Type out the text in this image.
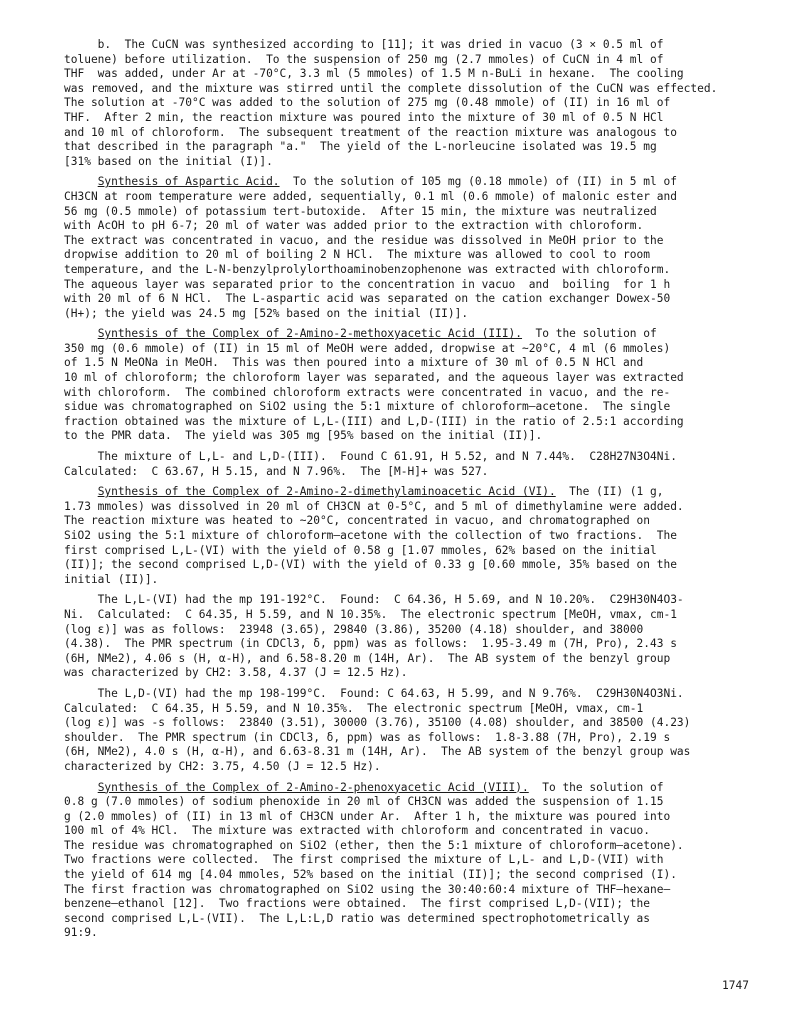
b.  The CuCN was synthesized according to [11]; it was dried in vacuo (3 × 0.5 ml of
toluene) before utilization.  To the suspension of 250 mg (2.7 mmoles) of CuCN in 4 ml of
THF  was added, under Ar at -70°C, 3.3 ml (5 mmoles) of 1.5 M n-BuLi in hexane.  The cooling
was removed, and the mixture was stirred until the complete dissolution of the CuCN was effected.
The solution at -70°C was added to the solution of 275 mg (0.48 mmole) of (II) in 16 ml of
THF.  After 2 min, the reaction mixture was poured into the mixture of 30 ml of 0.5 N HCl
and 10 ml of chloroform.  The subsequent treatment of the reaction mixture was analogous to
that described in the paragraph "a."  The yield of the L-norleucine isolated was 19.5 mg
[31% based on the initial (I)].
Synthesis of Aspartic Acid.  To the solution of 105 mg (0.18 mmole) of (II) in 5 ml of
CH3CN at room temperature were added, sequentially, 0.1 ml (0.6 mmole) of malonic ester and
56 mg (0.5 mmole) of potassium tert-butoxide.  After 15 min, the mixture was neutralized
with AcOH to pH 6-7; 20 ml of water was added prior to the extraction with chloroform.
The extract was concentrated in vacuo, and the residue was dissolved in MeOH prior to the
dropwise addition to 20 ml of boiling 2 N HCl.  The mixture was allowed to cool to room
temperature, and the L-N-benzylprolylorthoaminobenzophenone was extracted with chloroform.
The aqueous layer was separated prior to the concentration in vacuo  and  boiling  for 1 h
with 20 ml of 6 N HCl.  The L-aspartic acid was separated on the cation exchanger Dowex-50
(H+); the yield was 24.5 mg [52% based on the initial (II)].
Synthesis of the Complex of 2-Amino-2-methoxyacetic Acid (III).  To the solution of
350 mg (0.6 mmole) of (II) in 15 ml of MeOH were added, dropwise at ~20°C, 4 ml (6 mmoles)
of 1.5 N MeONa in MeOH.  This was then poured into a mixture of 30 ml of 0.5 N HCl and
10 ml of chloroform; the chloroform layer was separated, and the aqueous layer was extracted
with chloroform.  The combined chloroform extracts were concentrated in vacuo, and the re-
sidue was chromatographed on SiO2 using the 5:1 mixture of chloroform—acetone.  The single
fraction obtained was the mixture of L,L-(III) and L,D-(III) in the ratio of 2.5:1 according
to the PMR data.  The yield was 305 mg [95% based on the initial (II)].
The mixture of L,L- and L,D-(III).  Found C 61.91, H 5.52, and N 7.44%.  C28H27N3O4Ni.
Calculated:  C 63.67, H 5.15, and N 7.96%.  The [M-H]+ was 527.
Synthesis of the Complex of 2-Amino-2-dimethylaminoacetic Acid (VI).  The (II) (1 g,
1.73 mmoles) was dissolved in 20 ml of CH3CN at 0-5°C, and 5 ml of dimethylamine were added.
The reaction mixture was heated to ~20°C, concentrated in vacuo, and chromatographed on
SiO2 using the 5:1 mixture of chloroform—acetone with the collection of two fractions.  The
first comprised L,L-(VI) with the yield of 0.58 g [1.07 mmoles, 62% based on the initial
(II)]; the second comprised L,D-(VI) with the yield of 0.33 g [0.60 mmole, 35% based on the
initial (II)].
The L,L-(VI) had the mp 191-192°C.  Found:  C 64.36, H 5.69, and N 10.20%.  C29H30N4O3-
Ni.  Calculated:  C 64.35, H 5.59, and N 10.35%.  The electronic spectrum [MeOH, vmax, cm-1
(log ε)] was as follows:  23948 (3.65), 29840 (3.86), 35200 (4.18) shoulder, and 38000
(4.38).  The PMR spectrum (in CDCl3, δ, ppm) was as follows:  1.95-3.49 m (7H, Pro), 2.43 s
(6H, NMe2), 4.06 s (H, α-H), and 6.58-8.20 m (14H, Ar).  The AB system of the benzyl group
was characterized by CH2: 3.58, 4.37 (J = 12.5 Hz).
The L,D-(VI) had the mp 198-199°C.  Found: C 64.63, H 5.99, and N 9.76%.  C29H30N4O3Ni.
Calculated:  C 64.35, H 5.59, and N 10.35%.  The electronic spectrum [MeOH, vmax, cm-1
(log ε)] was -s follows:  23840 (3.51), 30000 (3.76), 35100 (4.08) shoulder, and 38500 (4.23)
shoulder.  The PMR spectrum (in CDCl3, δ, ppm) was as follows:  1.8-3.88 (7H, Pro), 2.19 s
(6H, NMe2), 4.0 s (H, α-H), and 6.63-8.31 m (14H, Ar).  The AB system of the benzyl group was
characterized by CH2: 3.75, 4.50 (J = 12.5 Hz).
Synthesis of the Complex of 2-Amino-2-phenoxyacetic Acid (VIII).  To the solution of
0.8 g (7.0 mmoles) of sodium phenoxide in 20 ml of CH3CN was added the suspension of 1.15
g (2.0 mmoles) of (II) in 13 ml of CH3CN under Ar.  After 1 h, the mixture was poured into
100 ml of 4% HCl.  The mixture was extracted with chloroform and concentrated in vacuo.
The residue was chromatographed on SiO2 (ether, then the 5:1 mixture of chloroform—acetone).
Two fractions were collected.  The first comprised the mixture of L,L- and L,D-(VII) with
the yield of 614 mg [4.04 mmoles, 52% based on the initial (II)]; the second comprised (I).
The first fraction was chromatographed on SiO2 using the 30:40:60:4 mixture of THF—hexane—
benzene—ethanol [12].  Two fractions were obtained.  The first comprised L,D-(VII); the
second comprised L,L-(VII).  The L,L:L,D ratio was determined spectrophotometrically as
91:9.
1747
